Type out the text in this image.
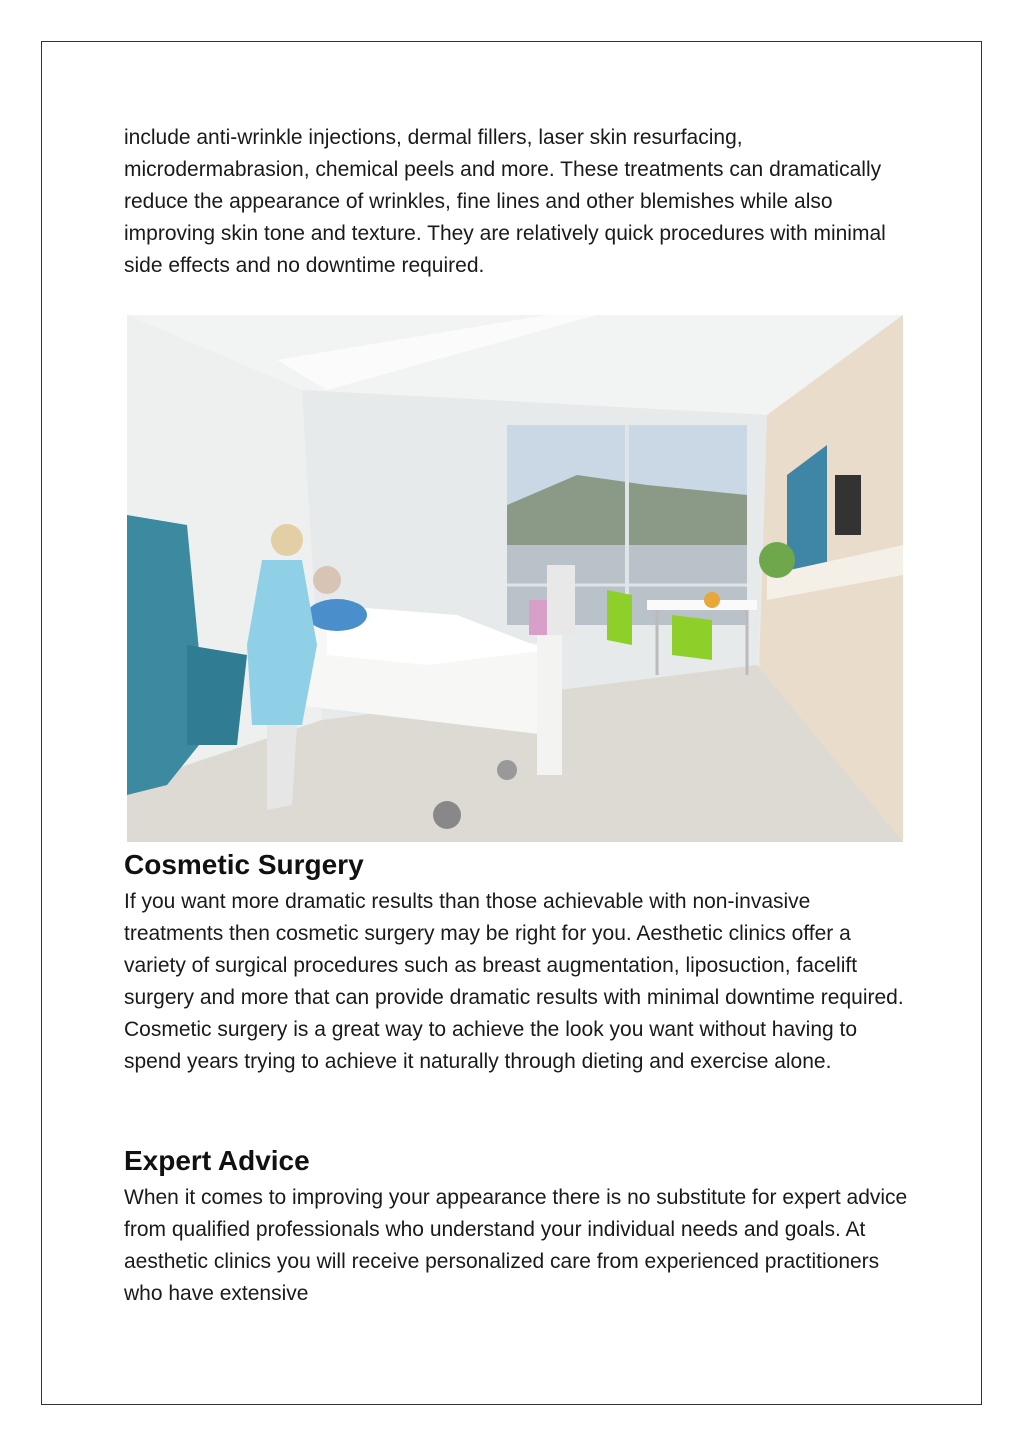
include anti-wrinkle injections, dermal fillers, laser skin resurfacing, microdermabrasion, chemical peels and more. These treatments can dramatically reduce the appearance of wrinkles, fine lines and other blemishes while also improving skin tone and texture. They are relatively quick procedures with minimal side effects and no downtime required.

Cosmetic Surgery

If you want more dramatic results than those achievable with non-invasive treatments then cosmetic surgery may be right for you. Aesthetic clinics offer a variety of surgical procedures such as breast augmentation, liposuction, facelift surgery and more that can provide dramatic results with minimal downtime required. Cosmetic surgery is a great way to achieve the look you want without having to spend years trying to achieve it naturally through dieting and exercise alone.

Expert Advice

When it comes to improving your appearance there is no substitute for expert advice from qualified professionals who understand your individual needs and goals. At aesthetic clinics you will receive personalized care from experienced practitioners who have extensive
